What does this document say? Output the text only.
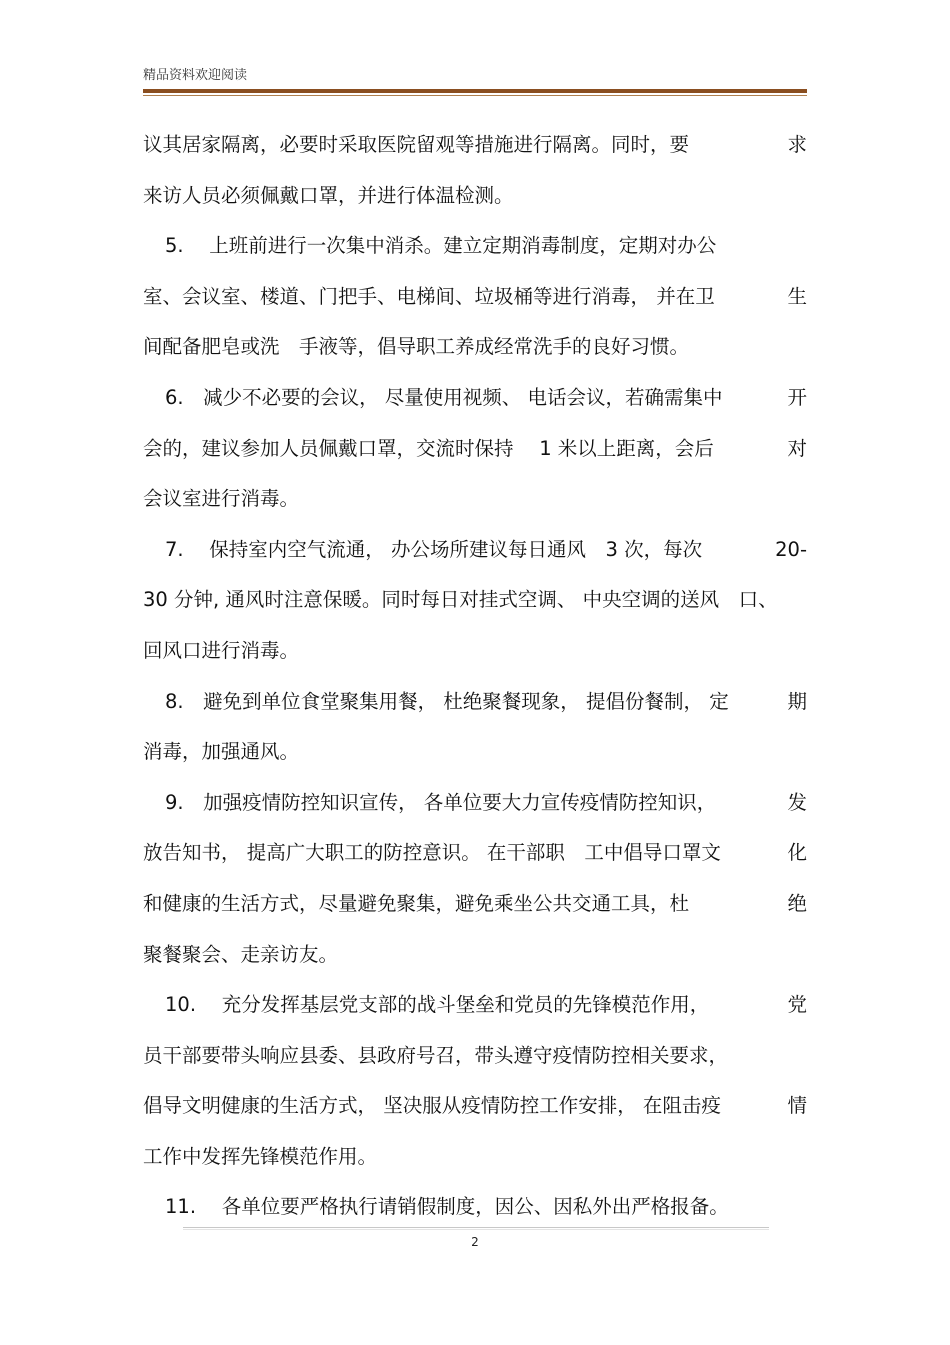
精品资料欢迎阅读
议其居家隔离，必要时采取医院留观等措施进行隔离。同时，要	求
来访人员必须佩戴口罩，并进行体温检测。
5.　 上班前进行一次集中消杀。建立定期消毒制度，定期对办公
室、会议室、楼道、门把手、电梯间、垃圾桶等进行消毒， 并在卫	生
间配备肥皂或洗　手液等，倡导职工养成经常洗手的良好习惯。
6.　减少不必要的会议， 尽量使用视频、 电话会议，若确需集中	开
会的，建议参加人员佩戴口罩，交流时保持　 1 米以上距离，会后	对
会议室进行消毒。
7.　 保持室内空气流通， 办公场所建议每日通风　3 次，每次	20-
30 分钟, 通风时注意保暖。同时每日对挂式空调、 中央空调的送风　口、
回风口进行消毒。
8.　避免到单位食堂聚集用餐， 杜绝聚餐现象， 提倡份餐制， 定	期
消毒，加强通风。
9.　加强疫情防控知识宣传， 各单位要大力宣传疫情防控知识，	发
放告知书， 提高广大职工的防控意识。 在干部职　工中倡导口罩文	化
和健康的生活方式，尽量避免聚集，避免乘坐公共交通工具，杜	绝
聚餐聚会、走亲访友。
10.　 充分发挥基层党支部的战斗堡垒和党员的先锋模范作用，	党
员干部要带头响应县委、县政府号召，带头遵守疫情防控相关要求，
倡导文明健康的生活方式， 坚决服从疫情防控工作安排， 在阻击疫	情
工作中发挥先锋模范作用。
11.　 各单位要严格执行请销假制度，因公、因私外出严格报备。
2
